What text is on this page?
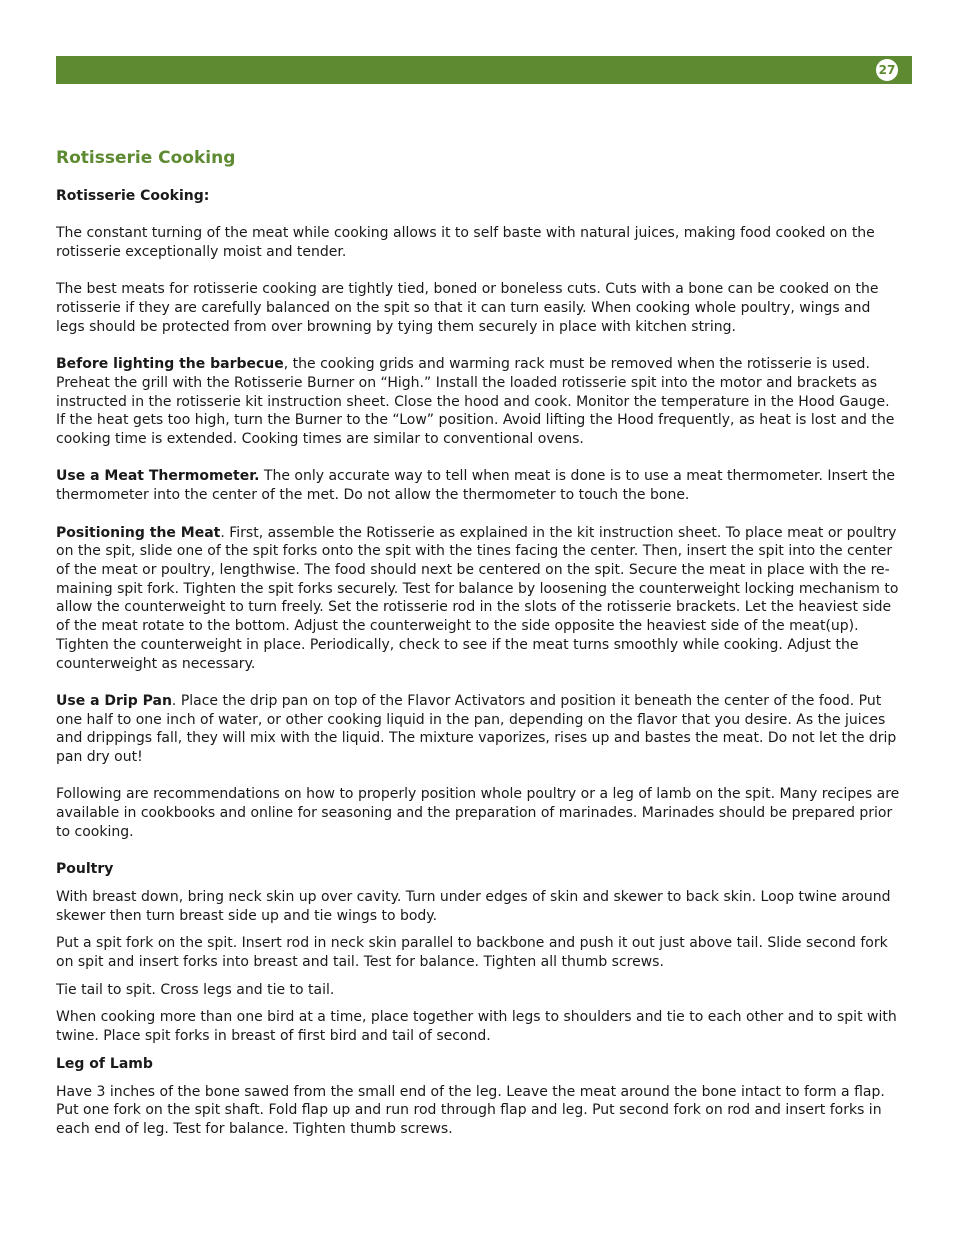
27
Rotisserie Cooking
Rotisserie Cooking:

The constant turning of the meat while cooking allows it to self baste with natural juices, making food cooked on the rotisserie exceptionally moist and tender.

The best meats for rotisserie cooking are tightly tied, boned or boneless cuts. Cuts with a bone can be cooked on the rotisserie if they are carefully balanced on the spit so that it can turn easily. When cooking whole poultry, wings and legs should be protected from over browning by tying them securely in place with kitchen string.

Before lighting the barbecue, the cooking grids and warming rack must be removed when the rotisserie is used. Preheat the grill with the Rotisserie Burner on “High.” Install the loaded rotisserie spit into the motor and brackets as instructed in the rotisserie kit instruction sheet. Close the hood and cook. Monitor the temperature in the Hood Gauge. If the heat gets too high, turn the Burner to the “Low” position. Avoid lifting the Hood frequently, as heat is lost and the cooking time is extended. Cooking times are similar to conventional ovens.

Use a Meat Thermometer. The only accurate way to tell when meat is done is to use a meat thermometer. Insert the thermometer into the center of the met. Do not allow the thermometer to touch the bone.

Positioning the Meat. First, assemble the Rotisserie as explained in the kit instruction sheet. To place meat or poultry on the spit, slide one of the spit forks onto the spit with the tines facing the center. Then, insert the spit into the center of the meat or poultry, lengthwise. The food should next be centered on the spit. Secure the meat in place with the re-maining spit fork. Tighten the spit forks securely. Test for balance by loosening the counterweight locking mechanism to allow the counterweight to turn freely. Set the rotisserie rod in the slots of the rotisserie brackets. Let the heaviest side of the meat rotate to the bottom. Adjust the counterweight to the side opposite the heaviest side of the meat(up). Tighten the counterweight in place. Periodically, check to see if the meat turns smoothly while cooking. Adjust the counterweight as necessary.

Use a Drip Pan. Place the drip pan on top of the Flavor Activators and position it beneath the center of the food. Put one half to one inch of water, or other cooking liquid in the pan, depending on the flavor that you desire. As the juices and drippings fall, they will mix with the liquid. The mixture vaporizes, rises up and bastes the meat. Do not let the drip pan dry out!

Following are recommendations on how to properly position whole poultry or a leg of lamb on the spit. Many recipes are available in cookbooks and online for seasoning and the preparation of marinades. Marinades should be prepared prior to cooking.

Poultry

With breast down, bring neck skin up over cavity. Turn under edges of skin and skewer to back skin. Loop twine around skewer then turn breast side up and tie wings to body.

Put a spit fork on the spit. Insert rod in neck skin parallel to backbone and push it out just above tail. Slide second fork on spit and insert forks into breast and tail. Test for balance. Tighten all thumb screws.

Tie tail to spit. Cross legs and tie to tail.

When cooking more than one bird at a time, place together with legs to shoulders and tie to each other and to spit with twine. Place spit forks in breast of first bird and tail of second.

Leg of Lamb

Have 3 inches of the bone sawed from the small end of the leg. Leave the meat around the bone intact to form a flap. Put one fork on the spit shaft. Fold flap up and run rod through flap and leg. Put second fork on rod and insert forks in each end of leg. Test for balance. Tighten thumb screws.
